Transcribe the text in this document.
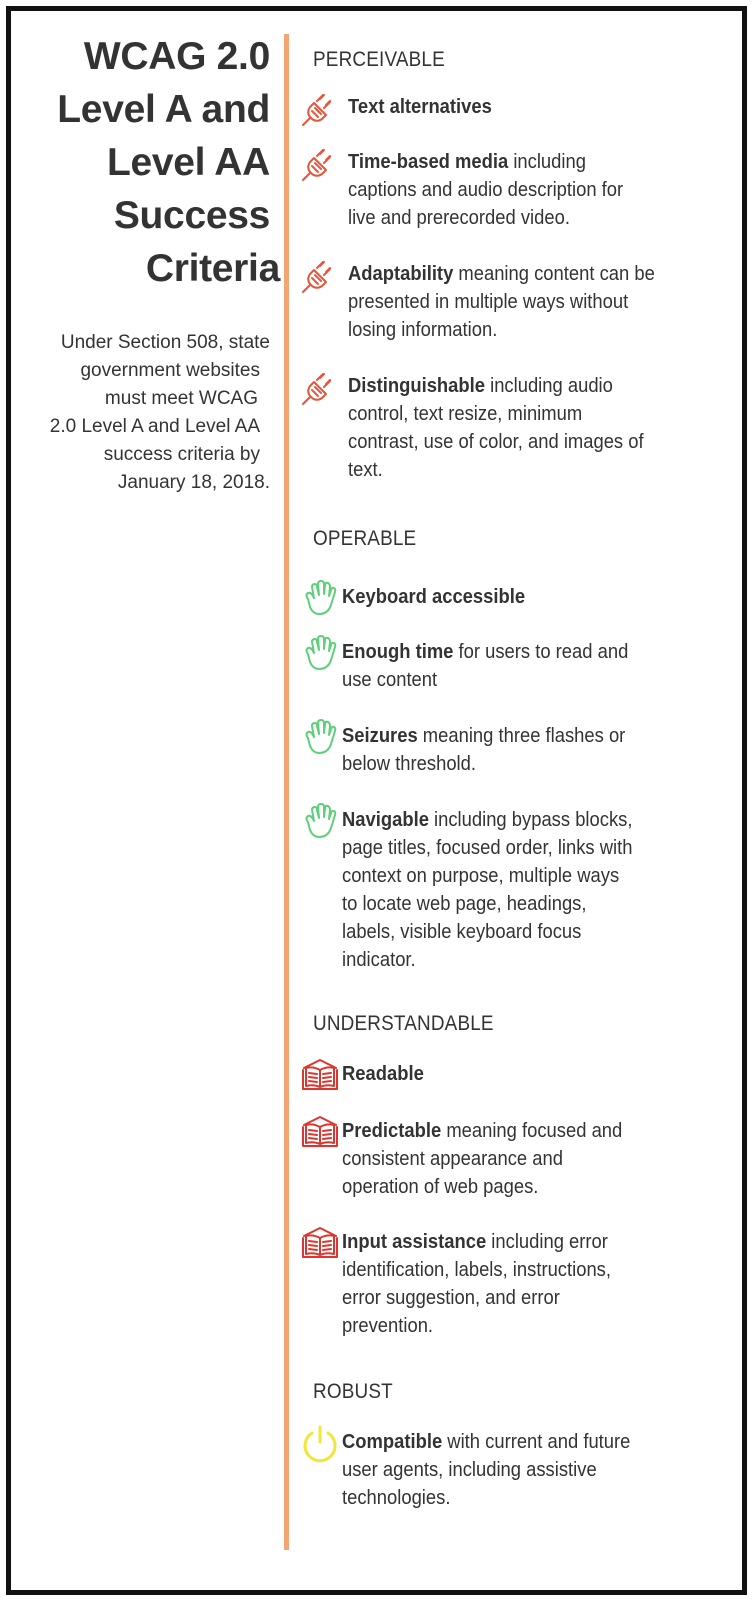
WCAG 2.0
Level A and
Level AA
Success
Criteria
Under Section 508, state
government websites
must meet WCAG
2.0 Level A and Level AA
success criteria by
January 18, 2018.
PERCEIVABLE
Text alternatives
Time-based media including
captions and audio description for
live and prerecorded video.
Adaptability meaning content can be
presented in multiple ways without
losing information.
Distinguishable including audio
control, text resize, minimum
contrast, use of color, and images of
text.
OPERABLE
Keyboard accessible
Enough time for users to read and
use content
Seizures meaning three flashes or
below threshold.
Navigable including bypass blocks,
page titles, focused order, links with
context on purpose, multiple ways
to locate web page, headings,
labels, visible keyboard focus
indicator.
UNDERSTANDABLE
Readable
Predictable meaning focused and
consistent appearance and
operation of web pages.
Input assistance including error
identification, labels, instructions,
error suggestion, and error
prevention.
ROBUST
Compatible with current and future
user agents, including assistive
technologies.
